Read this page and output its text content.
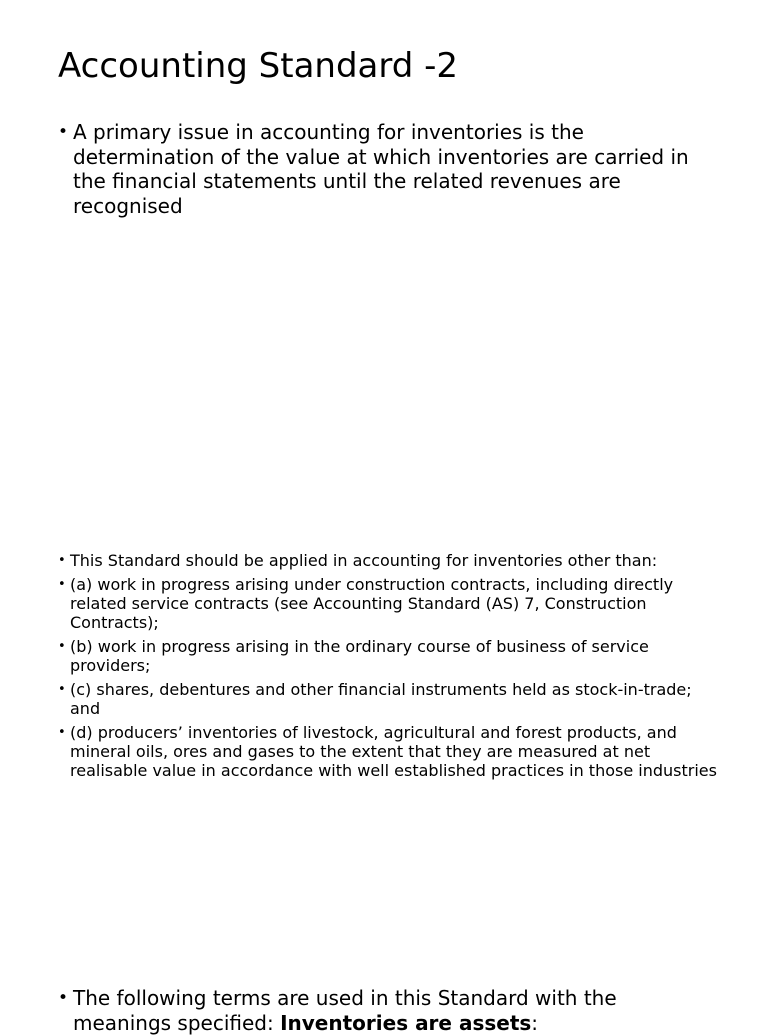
Accounting Standard -2
• A primary issue in accounting for inventories is the determination of the value at which inventories are carried in the financial statements until the related revenues are recognised
• This Standard should be applied in accounting for inventories other than:
• (a) work in progress arising under construction contracts, including directly related service contracts (see Accounting Standard (AS) 7, Construction Contracts);
• (b) work in progress arising in the ordinary course of business of service providers;
• (c) shares, debentures and other financial instruments held as stock-in-trade; and
• (d) producers’ inventories of livestock, agricultural and forest products, and mineral oils, ores and gases to the extent that they are measured at net realisable value in accordance with well established practices in those industries
• The following terms are used in this Standard with the meanings specified: Inventories are assets:
